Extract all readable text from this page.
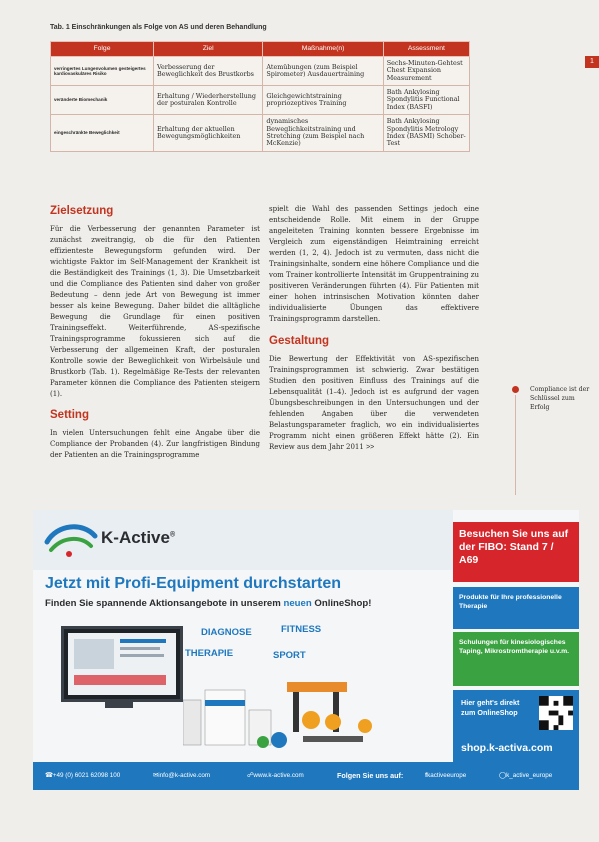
Tab. 1 Einschränkungen als Folge von AS und deren Behandlung
1
Folge	Ziel	Maßnahme(n)	Assessment
verringertes Lungenvolumen gesteigertes kardiovaskuläres Risiko	Verbesserung der Beweglichkeit des Brustkorbs	Atemübungen (zum Beispiel Spirometer) Ausdauertraining	Sechs-Minuten-Gehtest Chest Expansion Measurement
veränderte Biomechanik	Erhaltung / Wiederherstellung der posturalen Kontrolle	Gleichgewichtstraining propriozeptives Training	Bath Ankylosing Spondylitis Functional Index (BASFI)
eingeschränkte Beweglichkeit	Erhaltung der aktuellen Bewegungsmöglichkeiten	dynamisches Beweglichkeitstraining und Stretching (zum Beispiel nach McKenzie)	Bath Ankylosing Spondylitis Metrology Index (BASMI) Schober-Test
Zielsetzung

Für die Verbesserung der genannten Parameter ist zunächst zweitrangig, ob die für den Patienten effizienteste Bewegungsform gefunden wird. Der wichtigste Faktor im Self-Management der Krankheit ist die Beständigkeit des Trainings (1, 3). Die Umsetzbarkeit und die Compliance des Patienten sind daher von großer Bedeutung – denn jede Art von Bewegung ist immer besser als keine Bewegung. Daher bildet die alltägliche Bewegung die Grundlage für einen positiven Trainingseffekt. Weiterführende, AS-spezifische Trainingsprogramme fokussieren sich auf die Verbesserung der allgemeinen Kraft, der posturalen Kontrolle sowie der Beweglichkeit von Wirbelsäule und Brustkorb (Tab. 1). Regelmäßige Re-Tests der relevanten Parameter können die Compliance des Patienten steigern (1).

Setting

In vielen Untersuchungen fehlt eine Angabe über die Compliance der Probanden (4). Zur langfristigen Bindung der Patienten an die Trainingsprogramme

spielt die Wahl des passenden Settings jedoch eine entscheidende Rolle. Mit einem in der Gruppe angeleiteten Training konnten bessere Ergebnisse im Vergleich zum eigenständigen Heimtraining erreicht werden (1, 2, 4). Jedoch ist zu vermuten, dass nicht die Trainingsinhalte, sondern eine höhere Compliance und die vom Trainer kontrollierte Intensität im Gruppentraining zu positiveren Veränderungen führten (4). Für Patienten mit einer hohen intrinsischen Motivation könnten daher individualisierte Übungen das effektivere Trainingsprogramm darstellen.

Gestaltung

Die Bewertung der Effektivität von AS-spezifischen Trainingsprogrammen ist schwierig. Zwar bestätigen Studien den positiven Einfluss des Trainings auf die Lebensqualität (1–4). Jedoch ist es aufgrund der vagen Übungsbeschreibungen in den Untersuchungen und der fehlenden Angaben über die verwendeten Belastungsparameter fraglich, wo ein individualisiertes Programm nicht einen größeren Effekt hätte (2). Ein Review aus dem Jahr 2011 >>

Compliance ist der Schlüssel zum Erfolg
K-Active®	Besuchen Sie uns auf der FIBO: Stand 7 / A69
Produkte für Ihre professionelle Therapie
Schulungen für kinesiologisches Taping, Mikrostromtherapie u.v.m.
Hier geht's direkt zum OnlineShop
shop.k-activa.com
Jetzt mit Profi-Equipment durchstarten
Finden Sie spannende Aktionsangebote in unserem neuen OnlineShop!
DIAGNOSE	FITNESS
THERAPIE	SPORT
☎ +49 (0) 6021 62098 100	✉ info@k-active.com	☍ www.k-active.com	Folgen Sie uns auf:	f kactiveeurope	◯ k_active_europe
